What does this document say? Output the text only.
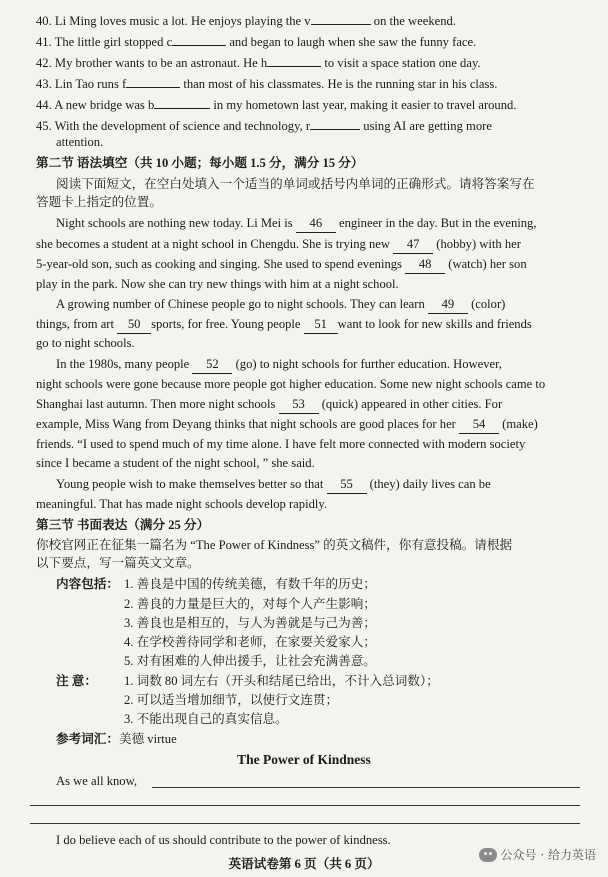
40. Li Ming loves music a lot. He enjoys playing the v	on the weekend.
41. The little girl stopped c	and began to laugh when she saw the funny face.
42. My brother wants to be an astronaut. He h	to visit a space station one day.
43. Lin Tao runs f	than most of his classmates. He is the running star in his class.
44. A new bridge was b	in my hometown last year, making it easier to travel around.
45. With the development of science and technology, r	using AI are getting more
attention.
第二节 语法填空（共 10 小题；每小题 1.5 分，满分 15 分）
阅读下面短文，在空白处填入一个适当的单词或括号内单词的正确形式。请将答案写在
答题卡上指定的位置。
Night schools are nothing new today. Li Mei is 46 engineer in the day. But in the evening,
she becomes a student at a night school in Chengdu. She is trying new 47 (hobby) with her
5-year-old son, such as cooking and singing. She used to spend evenings 48 (watch) her son
play in the park. Now she can try new things with him at a night school.
A growing number of Chinese people go to night schools. They can learn 49 (color)
things, from art 50 sports, for free. Young people 51 want to look for new skills and friends
go to night schools.
In the 1980s, many people 52 (go) to night schools for further education. However,
night schools were gone because more people got higher education. Some new night schools came to
Shanghai last autumn. Then more night schools 53 (quick) appeared in other cities. For
example, Miss Wang from Deyang thinks that night schools are good places for her 54 (make)
friends. “I used to spend much of my time alone. I have felt more connected with modern society
since I became a student of the night school, ” she said.
Young people wish to make themselves better so that 55 (they) daily lives can be
meaningful. That has made night schools develop rapidly.
第三节 书面表达（满分 25 分）
你校官网正在征集一篇名为 “The Power of Kindness” 的英文稿件，你有意投稿。请根据
以下要点，写一篇英文文章。
内容包括： 1. 善良是中国的传统美德，有数千年的历史；
2. 善良的力量是巨大的，对每个人产生影响；
3. 善良也是相互的，与人为善就是与己为善；
4. 在学校善待同学和老师，在家要关爱家人；
5. 对有困难的人伸出援手，让社会充满善意。
注 意： 1. 词数 80 词左右（开头和结尾已给出，不计入总词数）；
2. 可以适当增加细节，以使行文连贯；
3. 不能出现自己的真实信息。
参考词汇：美德 virtue
The Power of Kindness
As we all know,
I do believe each of us should contribute to the power of kindness.
英语试卷第 6 页（共 6 页）
公众号 · 给力英语
